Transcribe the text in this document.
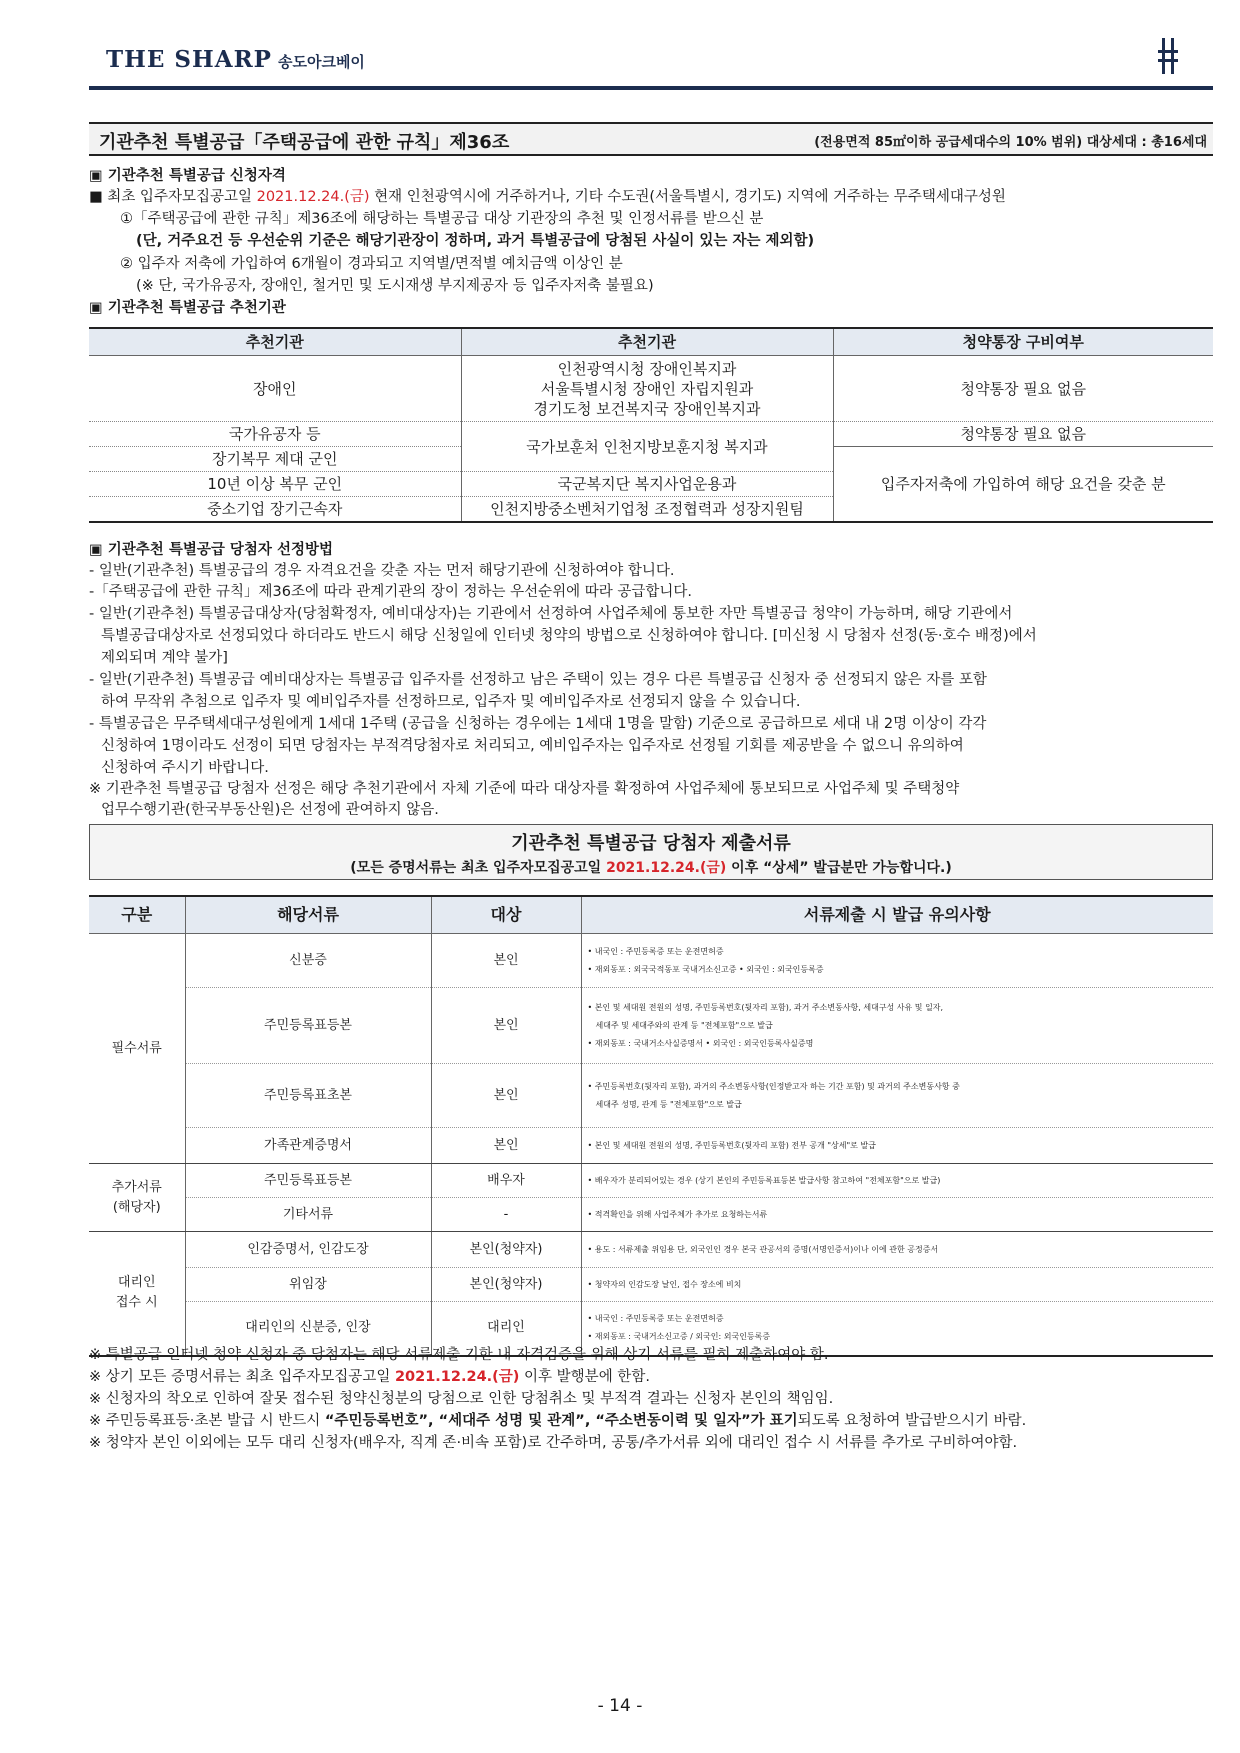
THE SHARP 송도아크베이
기관추천 특별공급「주택공급에 관한 규칙」제36조	(전용면적 85㎡이하 공급세대수의 10% 범위) 대상세대 : 총16세대
▣ 기관추천 특별공급 신청자격
■ 최초 입주자모집공고일 2021.12.24.(금) 현재 인천광역시에 거주하거나, 기타 수도권(서울특별시, 경기도) 지역에 거주하는 무주택세대구성원
①「주택공급에 관한 규칙」제36조에 해당하는 특별공급 대상 기관장의 추천 및 인정서류를 받으신 분
(단, 거주요건 등 우선순위 기준은 해당기관장이 정하며, 과거 특별공급에 당첨된 사실이 있는 자는 제외함)
② 입주자 저축에 가입하여 6개월이 경과되고 지역별/면적별 예치금액 이상인 분
(※ 단, 국가유공자, 장애인, 철거민 및 도시재생 부지제공자 등 입주자저축 불필요)
▣ 기관추천 특별공급 추천기관
추천기관	추천기관	청약통장 구비여부
장애인	인천광역시청 장애인복지과
서울특별시청 장애인 자립지원과
경기도청 보건복지국 장애인복지과	청약통장 필요 없음
국가유공자 등	국가보훈처 인천지방보훈지청 복지과	청약통장 필요 없음
장기복무 제대 군인		입주자저축에 가입하여 해당 요건을 갖춘 분
10년 이상 복무 군인	국군복지단 복지사업운용과	
중소기업 장기근속자	인천지방중소벤처기업청 조정협력과 성장지원팀	
▣ 기관추천 특별공급 당첨자 선정방법
- 일반(기관추천) 특별공급의 경우 자격요건을 갖춘 자는 먼저 해당기관에 신청하여야 합니다.
-「주택공급에 관한 규칙」제36조에 따라 관계기관의 장이 정하는 우선순위에 따라 공급합니다.
- 일반(기관추천) 특별공급대상자(당첨확정자, 예비대상자)는 기관에서 선정하여 사업주체에 통보한 자만 특별공급 청약이 가능하며, 해당 기관에서
특별공급대상자로 선정되었다 하더라도 반드시 해당 신청일에 인터넷 청약의 방법으로 신청하여야 합니다. [미신청 시 당첨자 선정(동·호수 배정)에서
제외되며 계약 불가]
- 일반(기관추천) 특별공급 예비대상자는 특별공급 입주자를 선정하고 남은 주택이 있는 경우 다른 특별공급 신청자 중 선정되지 않은 자를 포함
하여 무작위 추첨으로 입주자 및 예비입주자를 선정하므로, 입주자 및 예비입주자로 선정되지 않을 수 있습니다.
- 특별공급은 무주택세대구성원에게 1세대 1주택 (공급을 신청하는 경우에는 1세대 1명을 말함) 기준으로 공급하므로 세대 내 2명 이상이 각각
신청하여 1명이라도 선정이 되면 당첨자는 부적격당첨자로 처리되고, 예비입주자는 입주자로 선정될 기회를 제공받을 수 없으니 유의하여
신청하여 주시기 바랍니다.
※ 기관추천 특별공급 당첨자 선정은 해당 추천기관에서 자체 기준에 따라 대상자를 확정하여 사업주체에 통보되므로 사업주체 및 주택청약
업무수행기관(한국부동산원)은 선정에 관여하지 않음.
기관추천 특별공급 당첨자 제출서류
(모든 증명서류는 최초 입주자모집공고일 2021.12.24.(금) 이후 “상세” 발급분만 가능합니다.)
구분	해당서류	대상	서류제출 시 발급 유의사항
필수서류	신분증	본인	• 내국인 : 주민등록증 또는 운전면허증
• 재외동포 : 외국국적동포 국내거소신고증 • 외국인 : 외국인등록증

	주민등록표등본	본인	• 본인 및 세대원 전원의 성명, 주민등록번호(뒷자리 포함), 과거 주소변동사항, 세대구성 사유 및 일자,
세대주 및 세대주와의 관계 등 "전체포함"으로 발급
• 재외동포 : 국내거소사실증명서 • 외국인 : 외국인등록사실증명

	주민등록표초본	본인	• 주민등록번호(뒷자리 포함), 과거의 주소변동사항(인정받고자 하는 기간 포함) 및 과거의 주소변동사항 중
세대주 성명, 관계 등 "전체포함"으로 발급

	가족관계증명서	본인	• 본인 및 세대원 전원의 성명, 주민등록번호(뒷자리 포함) 전부 공개 "상세"로 발급

추가서류
(해당자)	주민등록표등본	배우자	• 배우자가 분리되어있는 경우 (상기 본인의 주민등록표등본 발급사항 참고하여 "전체포함"으로 발급)
	기타서류	-	• 적격확인을 위해 사업주체가 추가로 요청하는서류

대리인
접수 시	인감증명서, 인감도장	본인(청약자)	• 용도 : 서류제출 위임용 단, 외국인인 경우 본국 관공서의 증명(서명인증서)이나 이에 관한 공정증서
	위임장	본인(청약자)	• 청약자의 인감도장 날인, 접수 장소에 비치
	대리인의 신분증, 인장	대리인	• 내국인 : 주민등록증 또는 운전면허증
• 재외동포 : 국내거소신고증 / 외국인: 외국인등록증
※ 특별공급 인터넷 청약 신청자 중 당첨자는 해당 서류제출 기한 내 자격검증을 위해 상기 서류를 필히 제출하여야 함.
※ 상기 모든 증명서류는 최초 입주자모집공고일 2021.12.24.(금) 이후 발행분에 한함.
※ 신청자의 착오로 인하여 잘못 접수된 청약신청분의 당첨으로 인한 당첨취소 및 부적격 결과는 신청자 본인의 책임임.
※ 주민등록표등·초본 발급 시 반드시 “주민등록번호”, “세대주 성명 및 관계”, “주소변동이력 및 일자”가 표기되도록 요청하여 발급받으시기 바람.
※ 청약자 본인 이외에는 모두 대리 신청자(배우자, 직계 존·비속 포함)로 간주하며, 공통/추가서류 외에 대리인 접수 시 서류를 추가로 구비하여야함.
- 14 -
